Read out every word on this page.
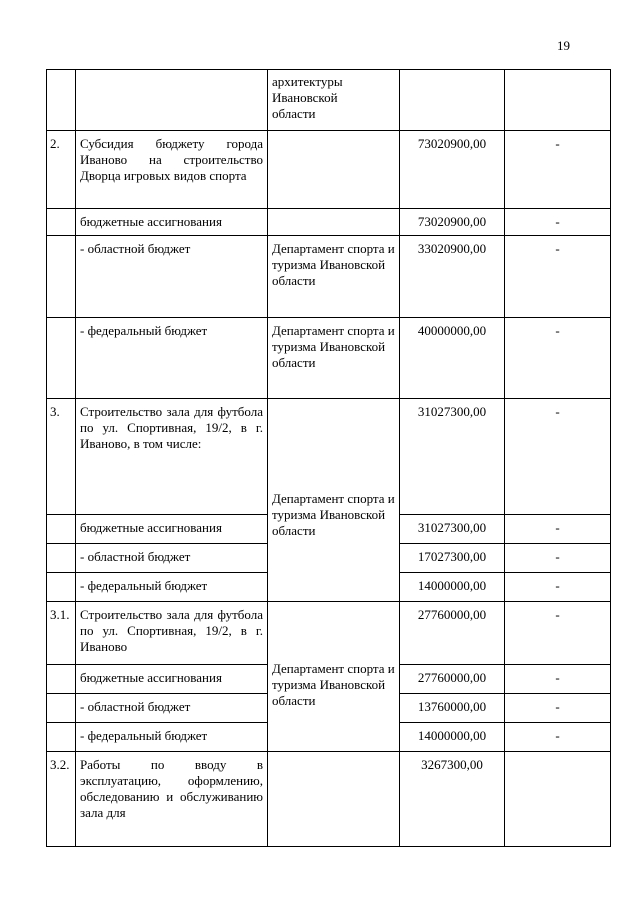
19
		архитектуры Ивановской области		
2.	Субсидия бюджету города Иваново на строительство Дворца игровых видов спорта		73020900,00	-
	бюджетные ассигнования		73020900,00	-
	- областной бюджет	Департамент спорта и туризма Ивановской области	33020900,00	-
	- федеральный бюджет	Департамент спорта и туризма Ивановской области	40000000,00	-
3.	Строительство зала для футбола по ул. Спортивная, 19/2, в г. Иваново, в том числе:	Департамент спорта и туризма Ивановской области	31027300,00	-
	бюджетные ассигнования		31027300,00	-
	- областной бюджет		17027300,00	-
	- федеральный бюджет		14000000,00	-
3.1.	Строительство зала для футбола по ул. Спортивная, 19/2, в г. Иваново	Департамент спорта и туризма Ивановской области	27760000,00	-
	бюджетные ассигнования		27760000,00	-
	- областной бюджет		13760000,00	-
	- федеральный бюджет		14000000,00	-
3.2.	Работы по вводу в эксплуатацию, оформлению, обследованию и обслуживанию зала для		3267300,00	
